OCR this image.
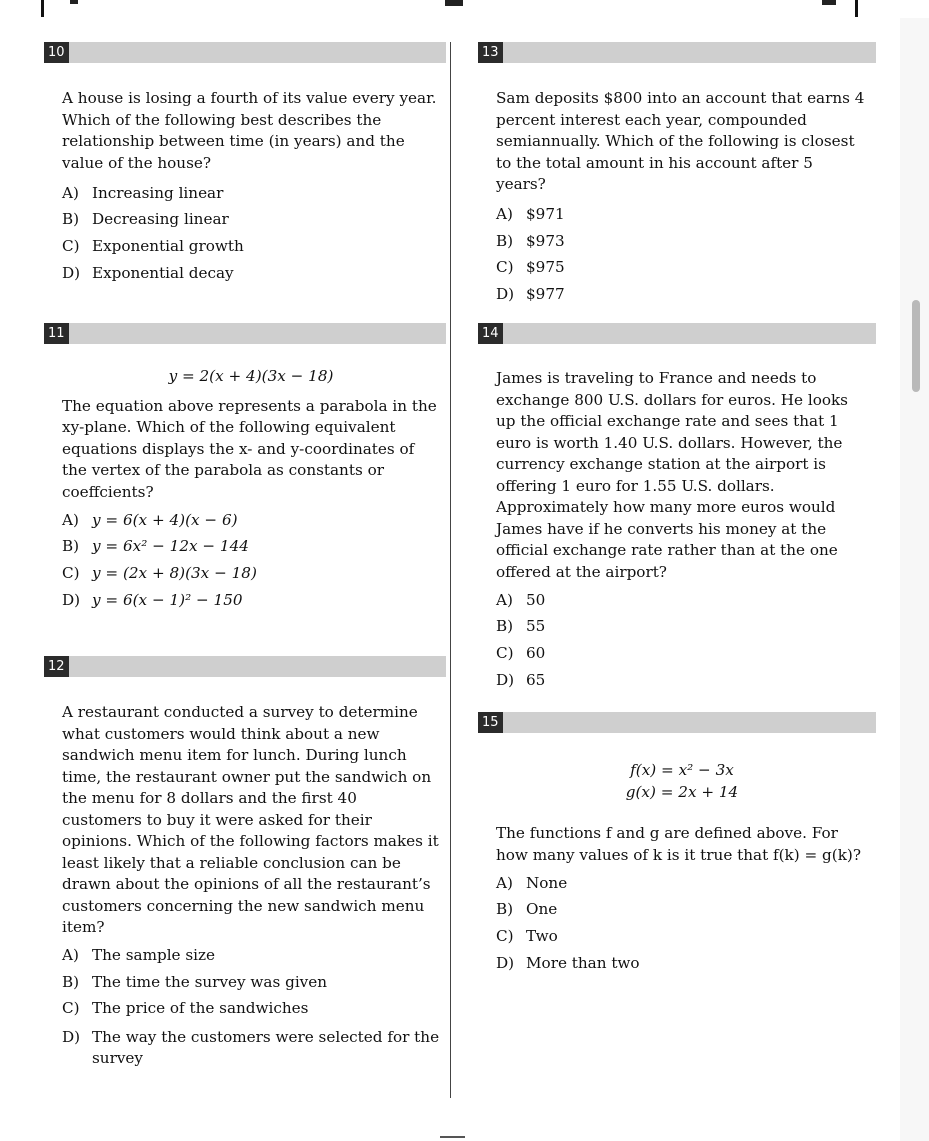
10

A house is losing a fourth of its value every year. Which of the following best describes the relationship between time (in years) and the value of the house?

A) Increasing linear
B) Decreasing linear
C) Exponential growth
D) Exponential decay
11

y = 2(x + 4)(3x − 18)

The equation above represents a parabola in the xy-plane. Which of the following equivalent equations displays the x- and y-coordinates of the vertex of the parabola as constants or coeffcients?

A) y = 6(x + 4)(x − 6)
B) y = 6x² − 12x − 144
C) y = (2x + 8)(3x − 18)
D) y = 6(x − 1)² − 150
12

A restaurant conducted a survey to determine what customers would think about a new sandwich menu item for lunch. During lunch time, the restaurant owner put the sandwich on the menu for 8 dollars and the first 40 customers to buy it were asked for their opinions. Which of the following factors makes it least likely that a reliable conclusion can be drawn about the opinions of all the restaurant’s customers concerning the new sandwich menu item?

A) The sample size
B) The time the survey was given
C) The price of the sandwiches
D) The way the customers were selected for the survey
13

Sam deposits $800 into an account that earns 4 percent interest each year, compounded semiannually. Which of the following is closest to the total amount in his account after 5 years?

A) $971
B) $973
C) $975
D) $977
14

James is traveling to France and needs to exchange 800 U.S. dollars for euros. He looks up the official exchange rate and sees that 1 euro is worth 1.40 U.S. dollars. However, the currency exchange station at the airport is offering 1 euro for 1.55 U.S. dollars. Approximately how many more euros would James have if he converts his money at the official exchange rate rather than at the one offered at the airport?

A) 50
B) 55
C) 60
D) 65
15

f(x) = x² − 3x

g(x) = 2x + 14

The functions f and g are defined above. For how many values of k is it true that f(k) = g(k)?

A) None
B) One
C) Two
D) More than two
